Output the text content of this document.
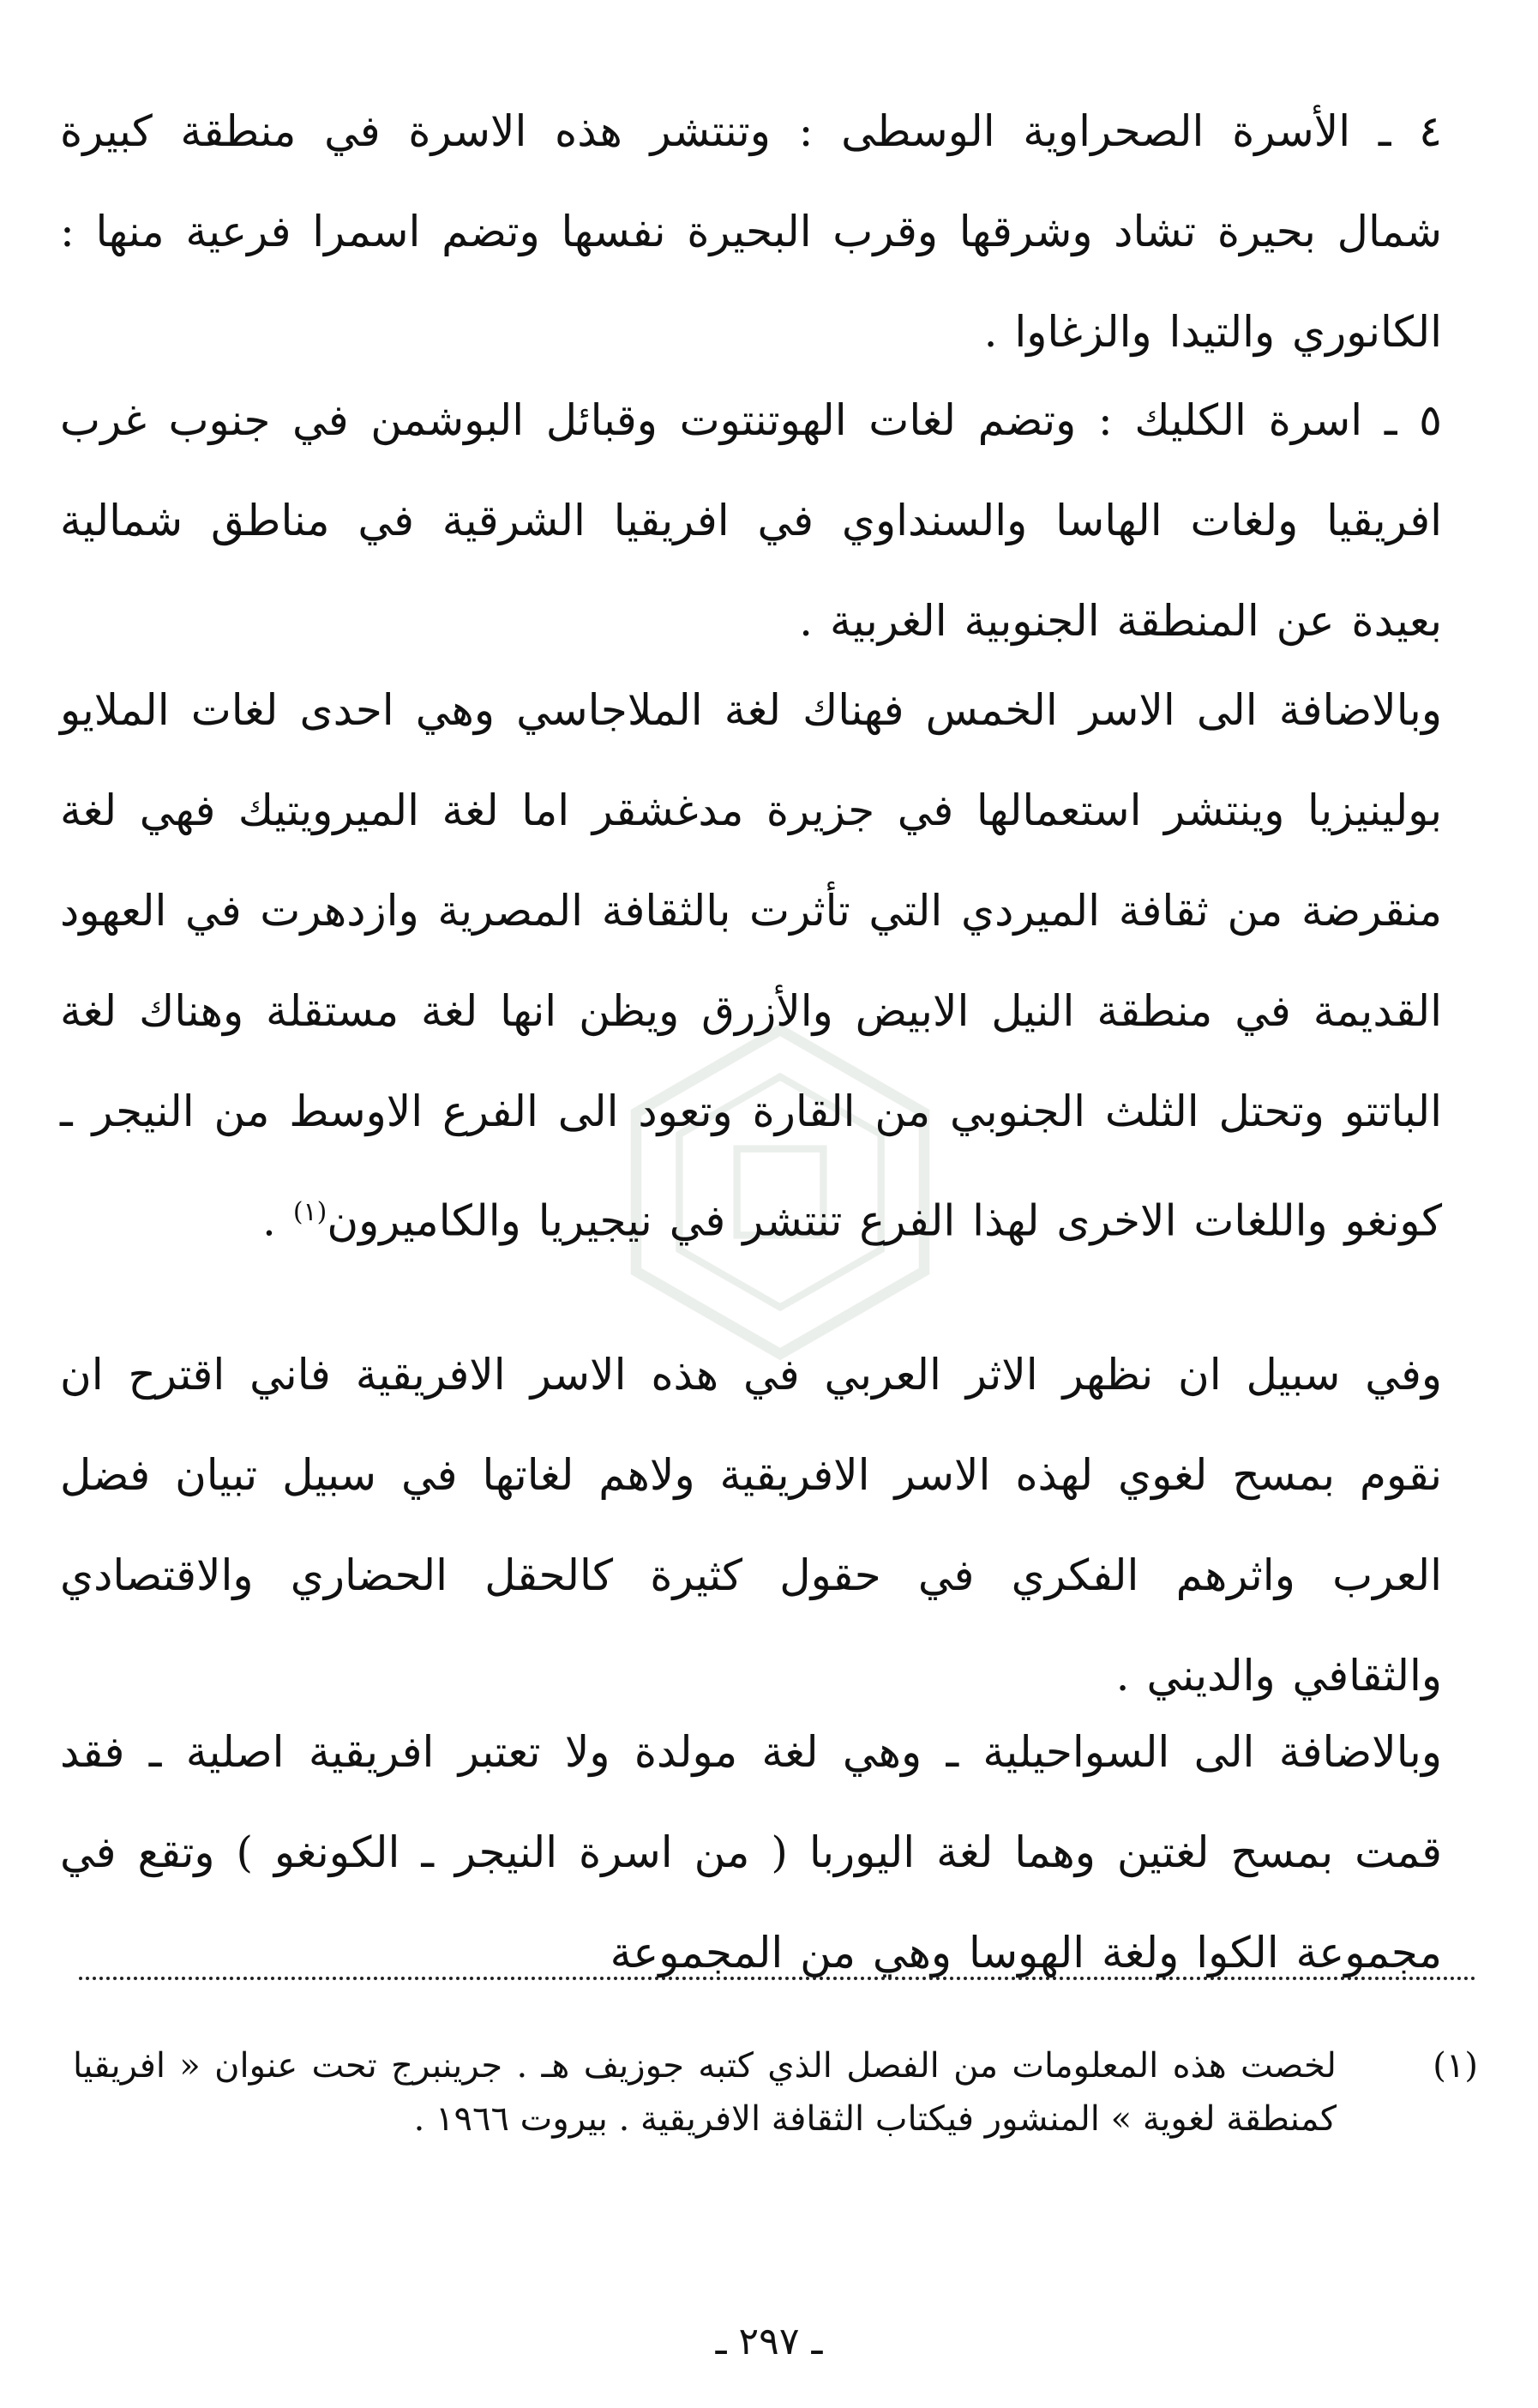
٤ ـ الأسرة الصحراوية الوسطى : وتنتشر هذه الاسرة في منطقة كبيرة شمال بحيرة تشاد وشرقها وقرب البحيرة نفسها وتضم اسمرا فرعية منها : الكانوري والتيدا والزغاوا .

٥ ـ اسرة الكليك : وتضم لغات الهوتنتوت وقبائل البوشمن في جنوب غرب افريقيا ولغات الهاسا والسنداوي في افريقيا الشرقية في مناطق شمالية بعيدة عن المنطقة الجنوبية الغربية .

وبالاضافة الى الاسر الخمس فهناك لغة الملاجاسي وهي احدى لغات الملايو بولينيزيا وينتشر استعمالها في جزيرة مدغشقر اما لغة الميرويتيك فهي لغة منقرضة من ثقافة الميردي التي تأثرت بالثقافة المصرية وازدهرت في العهود القديمة في منطقة النيل الابيض والأزرق ويظن انها لغة مستقلة وهناك لغة الباتتو وتحتل الثلث الجنوبي من القارة وتعود الى الفرع الاوسط من النيجر ـ كونغو واللغات الاخرى لهذا الفرع تنتشر في نيجيريا والكاميرون$^{(١)}$ .

وفي سبيل ان نظهر الاثر العربي في هذه الاسر الافريقية فاني اقترح ان نقوم بمسح لغوي لهذه الاسر الافريقية ولاهم لغاتها في سبيل تبيان فضل العرب واثرهم الفكري في حقول كثيرة كالحقل الحضاري والاقتصادي والثقافي والديني .

وبالاضافة الى السواحيلية ـ وهي لغة مولدة ولا تعتبر افريقية اصلية ـ فقد قمت بمسح لغتين وهما لغة اليوربا ( من اسرة النيجر ـ الكونغو ) وتقع في مجموعة الكوا ولغة الهوسا وهي من المجموعة

(١)
لخصت هذه المعلومات من الفصل الذي كتبه جوزيف هـ . جرينبرج تحت عنوان « افريقيا كمنطقة لغوية » المنشور فيكتاب الثقافة الافريقية . بيروت ١٩٦٦ .
ـ ٢٩٧ ـ
